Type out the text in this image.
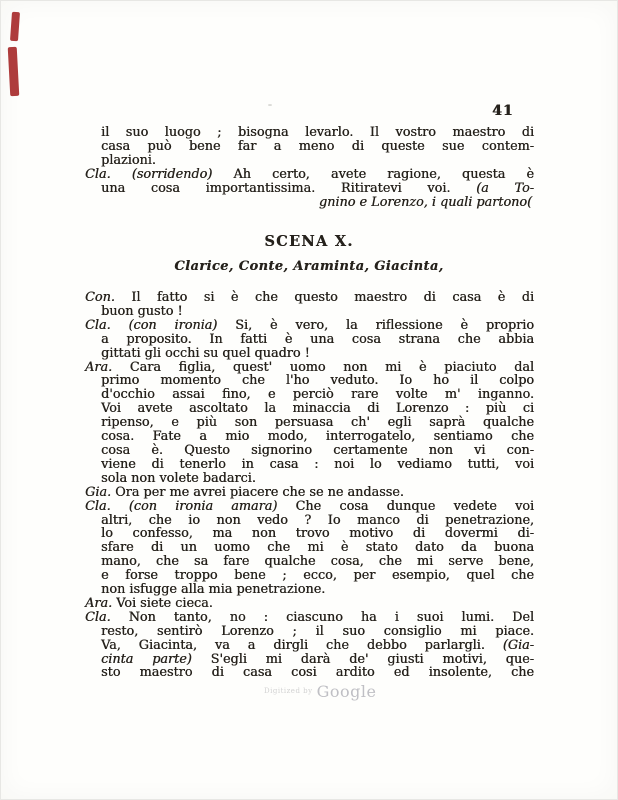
41
il suo luogo ; bisogna levarlo. Il vostro maestro di
casa può bene far a meno di queste sue contem-
plazioni.
Cla. (sorridendo) Ah certo, avete ragione, questa è
una cosa importantissima. Ritiratevi voi. (a To-
gnino e Lorenzo, i quali partono(
SCENA X.
Clarice, Conte, Araminta, Giacinta,
Con. Il fatto si è che questo maestro di casa è di
buon gusto !
Cla. (con ironia) Si, è vero, la riflessione è proprio
a proposito. In fatti è una cosa strana che abbia
gittati gli occhi su quel quadro !
Ara. Cara figlia, quest' uomo non mi è piaciuto dal
primo momento che l'ho veduto. Io ho il colpo
d'occhio assai fino, e perciò rare volte m' inganno.
Voi avete ascoltato la minaccia di Lorenzo : più ci
ripenso, e più son persuasa ch' egli saprà qualche
cosa. Fate a mio modo, interrogatelo, sentiamo che
cosa è. Questo signorino certamente non vi con-
viene di tenerlo in casa : noi lo vediamo tutti, voi
sola non volete badarci.
Gia. Ora per me avrei piacere che se ne andasse.
Cla. (con ironia amara) Che cosa dunque vedete voi
altri, che io non vedo ? Io manco di penetrazione,
lo confesso, ma non trovo motivo di dovermi di-
sfare di un uomo che mi è stato dato da buona
mano, che sa fare qualche cosa, che mi serve bene,
e forse troppo bene ; ecco, per esempio, quel che
non isfugge alla mia penetrazione.
Ara. Voi siete cieca.
Cla. Non tanto, no : ciascuno ha i suoi lumi. Del
resto, sentirò Lorenzo ; il suo consiglio mi piace.
Va, Giacinta, va a dirgli che debbo parlargli. (Gia-
cinta parte) S'egli mi darà de' giusti motivi, que-
sto maestro di casa cosi ardito ed insolente, che
$^{Digitized by}$ Google
